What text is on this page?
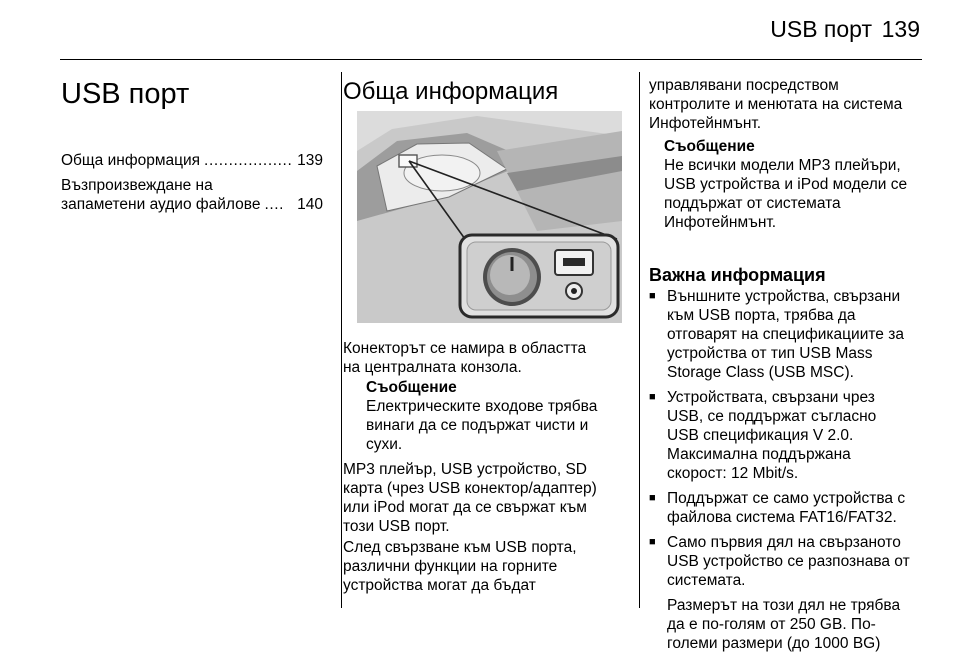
USB порт 139
USB порт
Обща информация .................. 139
Възпроизвеждане на
запаметени аудио файлове .... 140
Обща информация
Конекторът се намира в областта
на централната конзола.
Съобщение
Електрическите входове трябва
винаги да се подържат чисти и
сухи.
MP3 плейър, USB устройство, SD
карта (чрез USB конектор/адаптер)
или iPod могат да се свържат към
този USB порт.
След свързване към USB порта,
различни функции на горните
устройства могат да бъдат
управлявани посредством
контролите и менютата на система
Инфотейнмънт.
Съобщение
Не всички модели MP3 плейъри,
USB устройства и iPod модели се
поддържат от системата
Инфотейнмънт.
Важна информация
■ Външните устройства, свързани
към USB порта, трябва да
отговарят на спецификациите за
устройства от тип USB Mass
Storage Class (USB MSC).
■ Устройствата, свързани чрез
USB, се поддържат съгласно
USB спецификация V 2.0.
Максимална поддържана
скорост: 12 Mbit/s.
■ Поддържат се само устройства с
файлова система FAT16/FAT32.
■ Само първия дял на свързаното
USB устройство се разпознава от
системата.
Размерът на този дял не трябва
да е по-голям от 250 GB. По-
големи размери (до 1000 BG)
